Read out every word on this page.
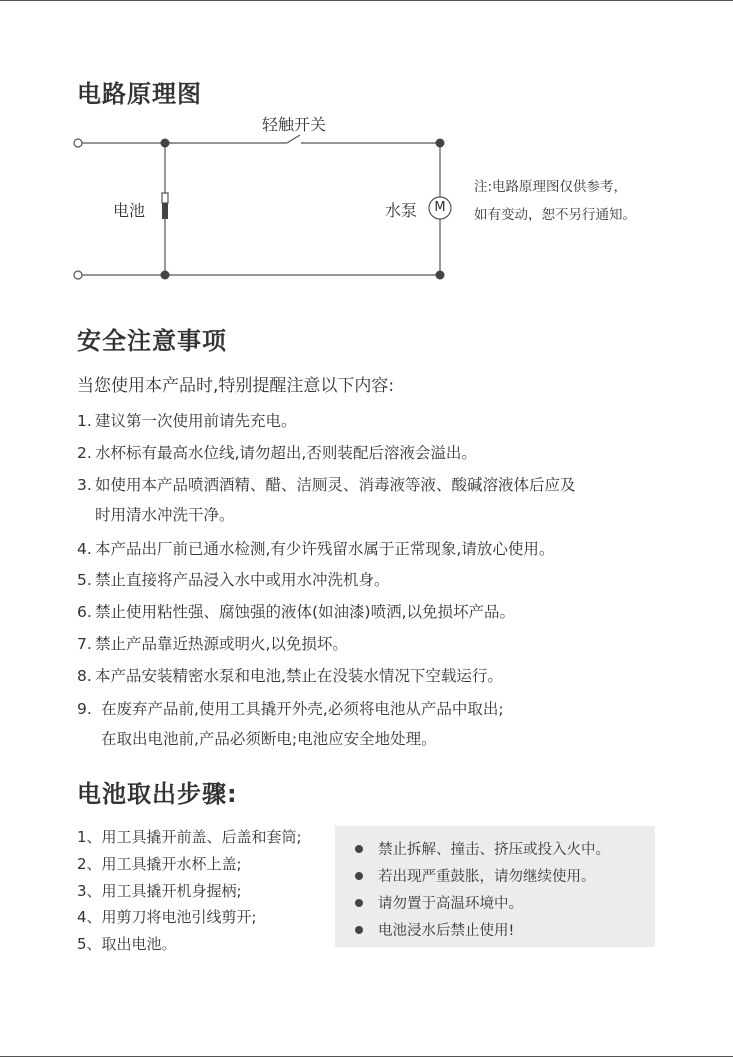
电路原理图
轻触开关
电池	水泵	M
注:电路原理图仅供参考，
如有变动，恕不另行通知。
安全注意事项
当您使用本产品时,特别提醒注意以下内容:
1. 建议第一次使用前请先充电。
2. 水杯标有最高水位线,请勿超出,否则装配后溶液会溢出。
3. 如使用本产品喷洒酒精、醋、洁厕灵、消毒液等液、酸碱溶液体后应及
时用清水冲洗干净。
4. 本产品出厂前已通水检测,有少许残留水属于正常现象,请放心使用。
5. 禁止直接将产品浸入水中或用水冲洗机身。
6. 禁止使用粘性强、腐蚀强的液体(如油漆)喷洒,以免损坏产品。
7. 禁止产品靠近热源或明火,以免损坏。
8. 本产品安装精密水泵和电池,禁止在没装水情况下空载运行。
9. 在废弃产品前,使用工具撬开外壳,必须将电池从产品中取出;
在取出电池前,产品必须断电;电池应安全地处理。
电池取出步骤:
1、用工具撬开前盖、后盖和套筒;
2、用工具撬开水杯上盖;
3、用工具撬开机身握柄;
4、用剪刀将电池引线剪开;
5、取出电池。
禁止拆解、撞击、挤压或投入火中。
若出现严重鼓胀，请勿继续使用。
请勿置于高温环境中。
电池浸水后禁止使用!
